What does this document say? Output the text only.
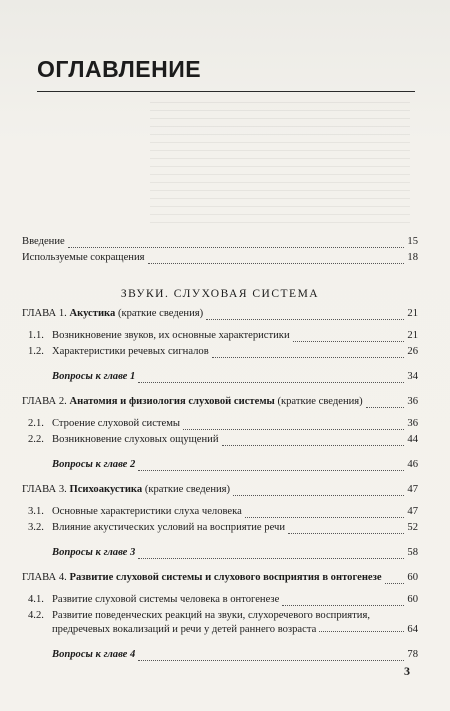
ОГЛАВЛЕНИЕ
Введение	15
Используемые сокращения	18
ЗВУКИ. СЛУХОВАЯ СИСТЕМА
ГЛАВА 1. Акустика (краткие сведения)	21
1.1. Возникновение звуков, их основные характеристики	21
1.2. Характеристики речевых сигналов	26
Вопросы к главе 1	34
ГЛАВА 2. Анатомия и физиология слуховой системы (краткие сведения)	36
2.1. Строение слуховой системы	36
2.2. Возникновение слуховых ощущений	44
Вопросы к главе 2	46
ГЛАВА 3. Психоакустика (краткие сведения)	47
3.1. Основные характеристики слуха человека	47
3.2. Влияние акустических условий на восприятие речи	52
Вопросы к главе 3	58
ГЛАВА 4. Развитие слуховой системы и слухового восприятия в онтогенезе 60
4.1. Развитие слуховой системы человека в онтогенезе	60
4.2. Развитие поведенческих реакций на звуки, слухоречевого восприятия,
предречевых вокализаций и речи у детей раннего возраста	64
Вопросы к главе 4	78
3
